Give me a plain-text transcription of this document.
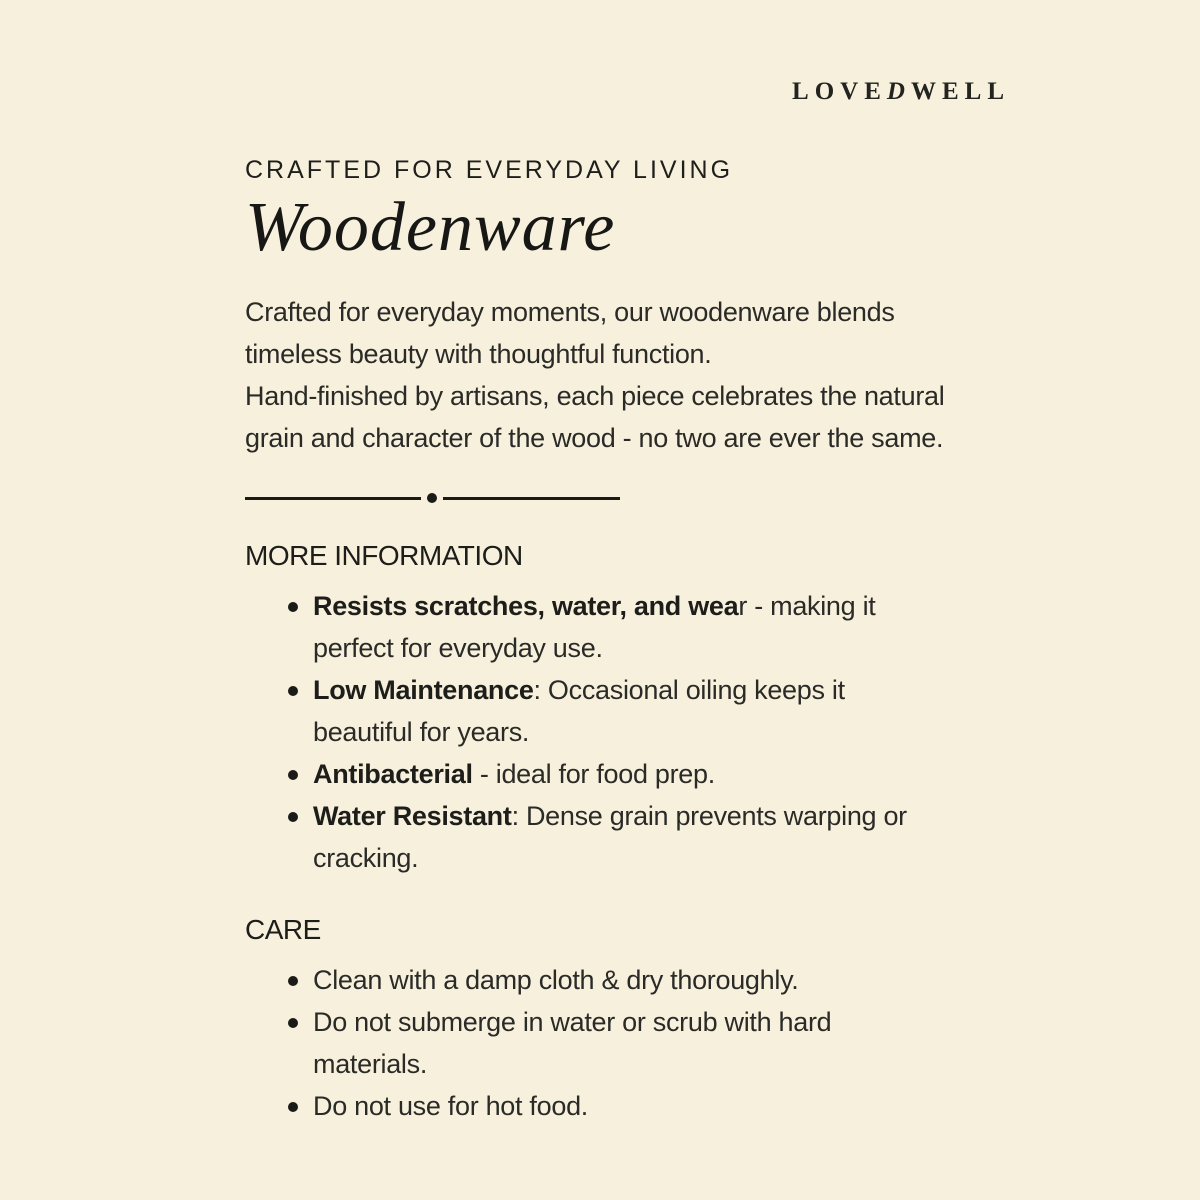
LOVEDWELL
CRAFTED FOR EVERYDAY LIVING
Woodenware
Crafted for everyday moments, our woodenware blends
timeless beauty with thoughtful function.
Hand-finished by artisans, each piece celebrates the natural
grain and character of the wood - no two are ever the same.
MORE INFORMATION
Resists scratches, water, and wear - making it
perfect for everyday use.
Low Maintenance: Occasional oiling keeps it
beautiful for years.
Antibacterial - ideal for food prep.
Water Resistant: Dense grain prevents warping or
cracking.
CARE
Clean with a damp cloth & dry thoroughly.
Do not submerge in water or scrub with hard
materials.
Do not use for hot food.
